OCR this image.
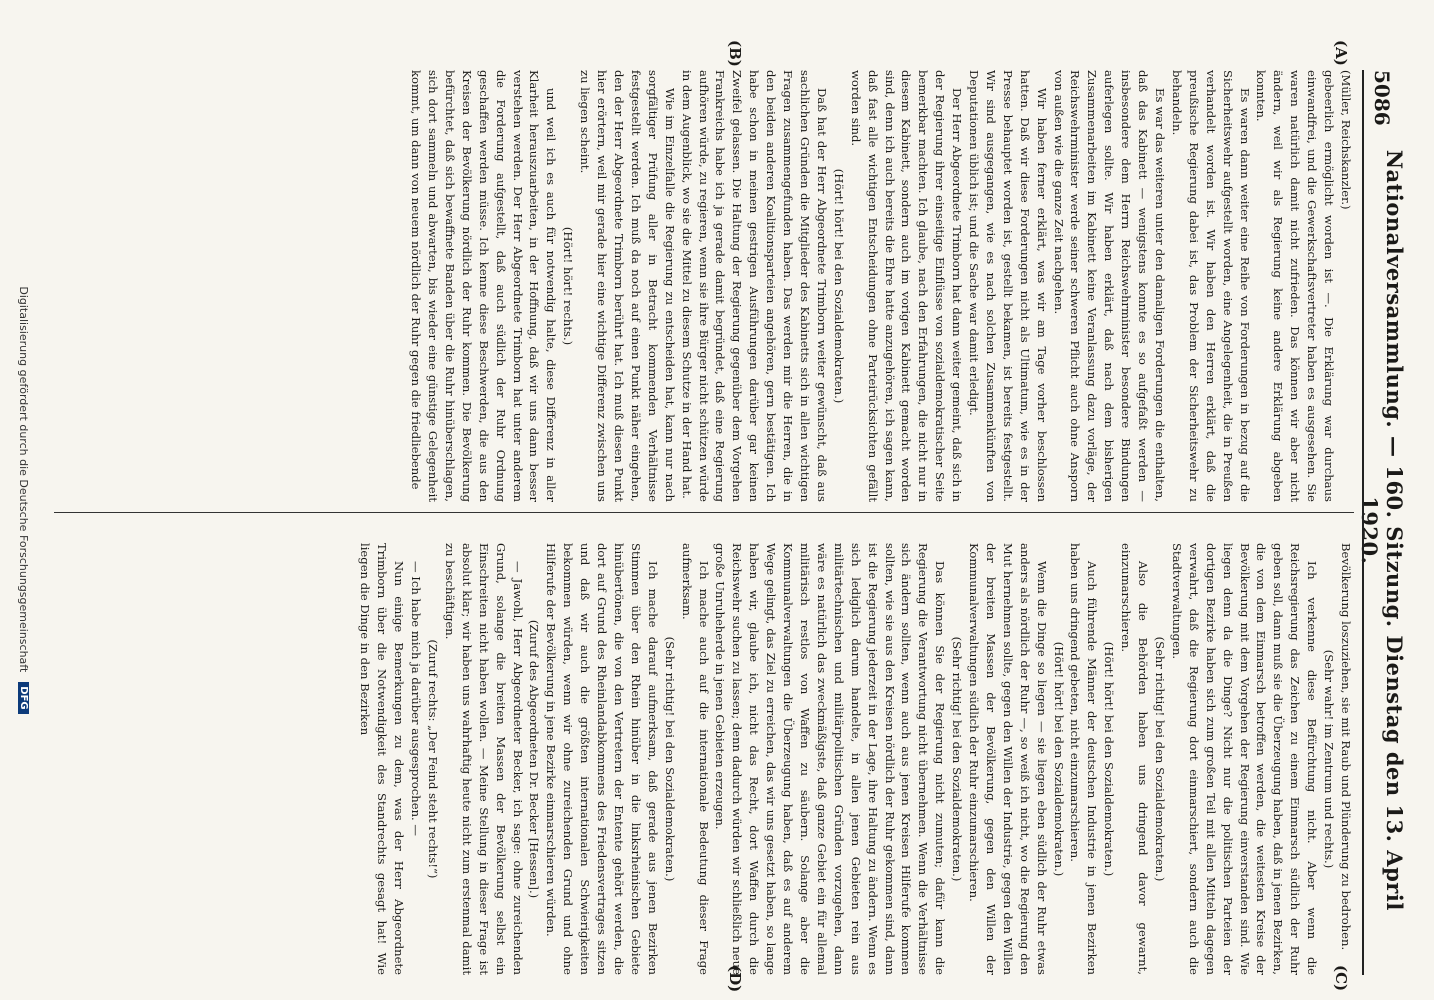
5086
Nationalversammlung. — 160. Sitzung. Dienstag den 13. April 1920.
(A)
(B)
(C)
(D)

(Müller, Reichskanzler.)

gebeerlich ermöglicht worden ist —. Die Erklärung war durchaus einwandfrei, und die Gewerkschaftsvertreter haben es ausgesehen. Sie waren natürlich damit nicht zufrieden. Das können wir aber nicht ändern, weil wir als Regierung keine andere Erklärung abgeben konnten.

Es waren dann weiter eine Reihe von Forderungen in bezug auf die Sicherheitswehr aufgestellt worden, eine Angelegenheit, die in Preußen verhandelt worden ist. Wir haben den Herren erklärt, daß die preußische Regierung dabei ist, das Problem der Sicherheitswehr zu behandeln.

Es war das weiteren unter den damaligen Forderungen die enthalten, daß das Kabinett — wenigstens konnte es so aufgefaßt werden — insbesondere dem Herrn Reichswehrminister besondere Bindungen auferlegen sollte. Wir haben erklärt, daß nach dem bisherigen Zusammenarbeiten im Kabinett keine Veranlassung dazu vorläge, der Reichswehrminister werde seiner schweren Pflicht auch ohne Ansporn von außen wie die ganze Zeit nachgehen.

Wir haben ferner erklärt, was wir am Tage vorher beschlossen hatten. Daß wir diese Forderungen nicht als Ultimatum, wie es in der Presse behauptet worden ist, gestellt bekamen, ist bereits festgestellt. Wir sind ausgegangen, wie es nach solchen Zusammenkünften von Deputationen üblich ist; und die Sache war damit erledigt.

Der Herr Abgeordnete Trimborn hat dann weiter gemeint, daß sich in der Regierung ihrer einseitige Einflüsse von sozialdemokratischer Seite bemerkbar machten. Ich glaube, nach den Erfahrungen, die nicht nur in diesem Kabinett, sondern auch im vorigen Kabinett gemacht worden sind, denn ich auch bereits die Ehre hatte anzugehören, ich sagen kann, daß fast alle wichtigen Entscheidungen ohne Parteirücksichten gefällt worden sind.

(Hört! hört! bei den Sozialdemokraten.)

Daß hat der Herr Abgeordnete Trimborn weiter gewünscht, daß aus sachlichen Gründen die Mitglieder des Kabinetts sich in allen wichtigen Fragen zusammengefunden haben. Das werden mir die Herren, die in den beiden anderen Koalitionsparteien angehören, gern bestätigen. Ich habe schon in meinen gestrigen Ausführungen darüber gar keinen Zweifel gelassen. Die Haltung der Regierung gegenüber dem Vorgehen Frankreichs habe ich ja gerade damit begründet, daß eine Regierung aufhören würde, zu regieren, wenn sie ihre Bürger nicht schützen würde in dem Augenblick, wo sie die Mittel zu diesem Schutze in der Hand hat.

Wie im Einzelfalle die Regierung zu entscheiden hat, kann nur nach sorgfältiger Prüfung aller in Betracht kommenden Verhältnisse festgestellt werden. Ich muß da noch auf einen Punkt näher eingehen, den der Herr Abgeordnete Trimborn berührt hat. Ich muß diesen Punkt hier erörtern, weil mir gerade hier eine wichtige Differenz zwischen uns zu liegen scheint.

(Hört! hört! rechts.)

und weil ich es auch für notwendig halte, diese Differenz in aller Klarheit herauszuarbeiten, in der Hoffnung, daß wir uns dann besser verstehen werden. Der Herr Abgeordnete Trimborn hat unter anderem die Forderung aufgestellt, daß auch südlich der Ruhr Ordnung geschaffen werden müsse. Ich kenne diese Beschwerden, die aus den Kreisen der Bevölkerung nördlich der Ruhr kommen. Die Bevölkerung befürchtet, daß sich bewaffnete Banden über die Ruhr hinüberschlagen, sich dort sammeln und abwarten, bis wieder eine günstige Gelegenheit kommt, um dann von neuem nördlich der Ruhr gegen die friedliebende

Bevölkerung loszuziehen, sie mit Raub und Plünderung zu bedrohen.

(Sehr wahr! im Zentrum und rechts.)

Ich verkenne diese Befürchtung nicht. Aber wenn die Reichsregierung das Zeichen zu einem Einmarsch südlich der Ruhr geben soll, dann muß sie die Überzeugung haben, daß in jenen Bezirken, die von dem Einmarsch betroffen werden, die weitesten Kreise der Bevölkerung mit dem Vorgehen der Regierung einverstanden sind. Wie liegen denn da die Dinge? Nicht nur die politischen Parteien der dortigen Bezirke haben sich zum großen Teil mit allen Mitteln dagegen verwahrt, daß die Regierung dort einmarschiert, sondern auch die Stadtverwaltungen.

(Sehr richtig! bei den Sozialdemokraten.)

Also die Behörden haben uns dringend davor gewarnt, einzumarschieren.

(Hört! hört! bei den Sozialdemokraten.)

Auch führende Männer der deutschen Industrie in jenen Bezirken haben uns dringend gebeten, nicht einzumarschieren.

(Hört! hört! bei den Sozialdemokraten.)

Wenn die Dinge so liegen — sie liegen eben südlich der Ruhr etwas anders als nördlich der Ruhr —, so weiß ich nicht, wo die Regierung den Mut hernehmen sollte, gegen den Willen der Industrie, gegen den Willen der breiten Massen der Bevölkerung, gegen den Willen der Kommunalverwaltungen südlich der Ruhr einzumarschieren.

(Sehr richtig! bei den Sozialdemokraten.)

Das können Sie der Regierung nicht zumuten; dafür kann die Regierung die Verantwortung nicht übernehmen. Wenn die Verhältnisse sich ändern sollten, wenn auch aus jenen Kreisen Hilferufe kommen sollten, wie sie aus den Kreisen nördlich der Ruhr gekommen sind, dann ist die Regierung jederzeit in der Lage, ihre Haltung zu ändern. Wenn es sich lediglich darum handelte, in allen jenen Gebieten rein aus militärtechnischen und militärpolitischen Gründen vorzugehen, dann wäre es natürlich das zweckmäßigste, daß ganze Gebiet ein für allemal militärisch restlos von Waffen zu säubern. Solange aber die Kommunalverwaltungen die Überzeugung haben, daß es auf anderem Wege gelingt, das Ziel zu erreichen, das wir uns gesetzt haben, so lange haben wir, glaube ich, nicht das Recht, dort Waffen durch die Reichswehr suchen zu lassen; denn dadurch würden wir schließlich neue große Unruheherde in jenen Gebieten erzeugen.

Ich mache auch auf die internationale Bedeutung dieser Frage aufmerksam.

(Sehr richtig! bei den Sozialdemokraten.)

Ich mache darauf aufmerksam, daß gerade aus jenen Bezirken Stimmen über den Rhein hinüber in die linksrheinischen Gebiete hinübertönen, die von den Vertretern der Entente gehört werden, die dort auf Grund des Rheinlandabkommens des Friedensvertrages sitzen und daß wir auch die größten internationalen Schwierigkeiten bekommen würden, wenn wir ohne zureichenden Grund und ohne Hilferufe der Bevölkerung in jene Bezirke einmarschieren würden.

(Zuruf des Abgeordneten Dr. Becker [Hessen].)

— Jawohl, Herr Abgeordneter Becker, ich sage: ohne zureichenden Grund, solange die breiten Massen der Bevölkerung selbst ein Einschreiten nicht haben wollen. — Meine Stellung in dieser Frage ist absolut klar; wir haben uns wahrhaftig heute nicht zum erstenmal damit zu beschäftigen.

(Zuruf rechts: „Der Feind steht rechts!“)

— Ich habe mich ja darüber ausgesprochen. —

Nun einige Bemerkungen zu dem, was der Herr Abgeordnete Trimborn über die Notwendigkeit des Standrechts gesagt hat! Wie liegen die Dinge in den Bezirken

Digitalisierung gefördert durch die Deutsche Forschungsgemeinschaft
DFG
